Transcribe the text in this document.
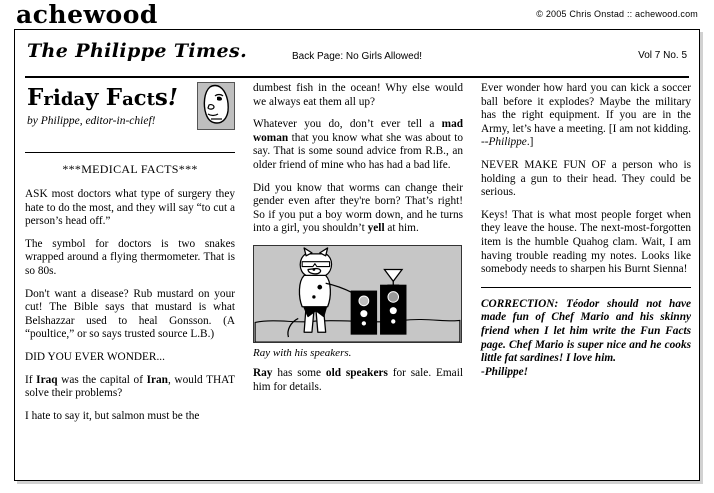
achewood	© 2005 Chris Onstad :: achewood.com
The Philippe Times.	Back Page: No Girls Allowed!	Vol 7 No. 5
Friday Facts!
by Philippe, editor-in-chief!
***MEDICAL FACTS***

ASK most doctors what type of surgery they hate to do the most, and they will say “to cut a person’s head off.”

The symbol for doctors is two snakes wrapped around a flying thermometer. That is so 80s.

Don't want a disease? Rub mustard on your cut! The Bible says that mustard is what Belshazzar used to heal Gonsson. (A “poultice,” or so says trusted source L.B.)

DID YOU EVER WONDER...

If Iraq was the capital of Iran, would THAT solve their problems?

I hate to say it, but salmon must be the

dumbest fish in the ocean! Why else would we always eat them all up?

Whatever you do, don’t ever tell a mad woman that you know what she was about to say. That is some sound advice from R.B., an older friend of mine who has had a bad life.

Did you know that worms can change their gender even after they're born? That’s right! So if you put a boy worm down, and he turns into a girl, you shouldn’t yell at him.

Ray with his speakers.

Ray has some old speakers for sale. Email him for details.

Ever wonder how hard you can kick a soccer ball before it explodes? Maybe the military has the right equipment. If you are in the Army, let’s have a meeting. [I am not kidding. --Philippe.]

NEVER MAKE FUN OF a person who is holding a gun to their head. They could be serious.

Keys! That is what most people forget when they leave the house. The next-most-forgotten item is the humble Quahog clam. Wait, I am having trouble reading my notes. Looks like somebody needs to sharpen his Burnt Sienna!

CORRECTION: Téodor should not have made fun of Chef Mario and his skinny friend when I let him write the Fun Facts page. Chef Mario is super nice and he cooks little fat sardines! I love him.
-Philippe!
